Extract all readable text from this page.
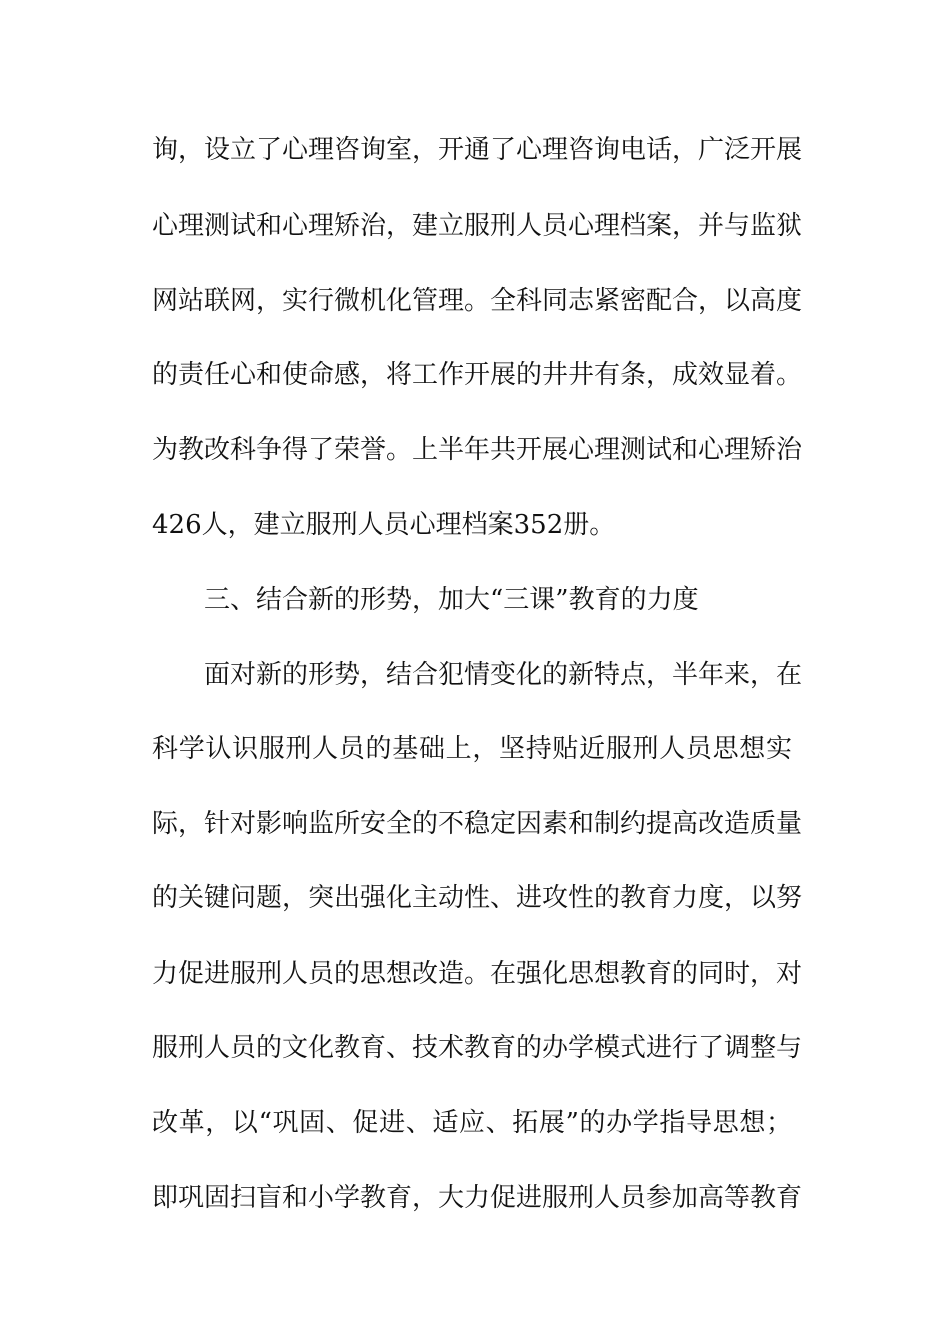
询，设立了心理咨询室，开通了心理咨询电话，广泛开展
心理测试和心理矫治，建立服刑人员心理档案，并与监狱
网站联网，实行微机化管理。全科同志紧密配合，以高度
的责任心和使命感，将工作开展的井井有条，成效显着。
为教改科争得了荣誉。上半年共开展心理测试和心理矫治
426人，建立服刑人员心理档案352册。
三、结合新的形势，加大“三课”教育的力度
面对新的形势，结合犯情变化的新特点，半年来，在
科学认识服刑人员的基础上，坚持贴近服刑人员思想实
际，针对影响监所安全的不稳定因素和制约提高改造质量
的关键问题，突出强化主动性、进攻性的教育力度，以努
力促进服刑人员的思想改造。在强化思想教育的同时，对
服刑人员的文化教育、技术教育的办学模式进行了调整与
改革，以“巩固、促进、适应、拓展”的办学指导思想；
即巩固扫盲和小学教育，大力促进服刑人员参加高等教育
